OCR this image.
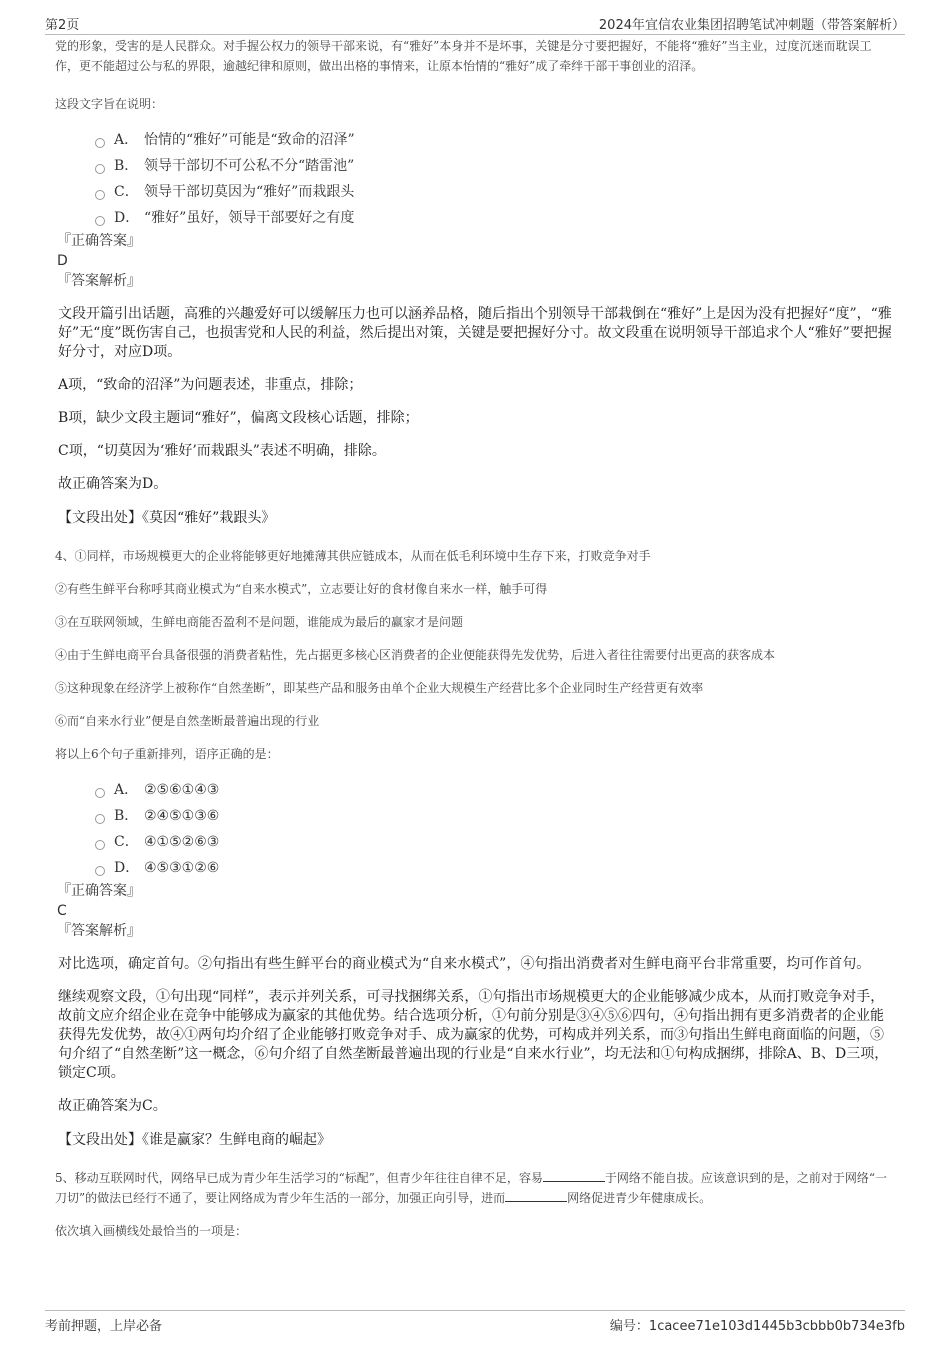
第2页	2024年宜信农业集团招聘笔试冲刺题（带答案解析）

党的形象，受害的是人民群众。对手握公权力的领导干部来说，有“雅好”本身并不是坏事，关键是分寸要把握好，不能将“雅好”当主业，过度沉迷而耽误工作，更不能超过公与私的界限，逾越纪律和原则，做出出格的事情来，让原本怡情的“雅好”成了牵绊干部干事创业的沼泽。

这段文字旨在说明：

A． 怡情的“雅好”可能是“致命的沼泽”
B． 领导干部切不可公私不分“踏雷池”
C． 领导干部切莫因为“雅好”而栽跟头
D． “雅好”虽好，领导干部要好之有度
『正确答案』
D
『答案解析』

文段开篇引出话题，高雅的兴趣爱好可以缓解压力也可以涵养品格，随后指出个别领导干部栽倒在“雅好”上是因为没有把握好“度”，“雅好”无“度”既伤害自己，也损害党和人民的利益，然后提出对策，关键是要把握好分寸。故文段重在说明领导干部追求个人“雅好”要把握好分寸，对应D项。

A项，“致命的沼泽”为问题表述，非重点，排除；

B项，缺少文段主题词“雅好”，偏离文段核心话题，排除；

C项，“切莫因为‘雅好’而栽跟头”表述不明确，排除。

故正确答案为D。

【文段出处】《莫因“雅好”栽跟头》

4、①同样，市场规模更大的企业将能够更好地摊薄其供应链成本，从而在低毛利环境中生存下来，打败竞争对手

②有些生鲜平台称呼其商业模式为“自来水模式”，立志要让好的食材像自来水一样，触手可得

③在互联网领域，生鲜电商能否盈利不是问题，谁能成为最后的赢家才是问题

④由于生鲜电商平台具备很强的消费者粘性，先占据更多核心区消费者的企业便能获得先发优势，后进入者往往需要付出更高的获客成本

⑤这种现象在经济学上被称作“自然垄断”，即某些产品和服务由单个企业大规模生产经营比多个企业同时生产经营更有效率

⑥而“自来水行业”便是自然垄断最普遍出现的行业

将以上6个句子重新排列，语序正确的是：

A． ②⑤⑥①④③
B． ②④⑤①③⑥
C． ④①⑤②⑥③
D． ④⑤③①②⑥
『正确答案』
C
『答案解析』

对比选项，确定首句。②句指出有些生鲜平台的商业模式为“自来水模式”，④句指出消费者对生鲜电商平台非常重要，均可作首句。

继续观察文段，①句出现“同样”，表示并列关系，可寻找捆绑关系，①句指出市场规模更大的企业能够减少成本，从而打败竞争对手，故前文应介绍企业在竞争中能够成为赢家的其他优势。结合选项分析，①句前分别是③④⑤⑥四句，④句指出拥有更多消费者的企业能获得先发优势，故④①两句均介绍了企业能够打败竞争对手、成为赢家的优势，可构成并列关系，而③句指出生鲜电商面临的问题，⑤句介绍了“自然垄断”这一概念，⑥句介绍了自然垄断最普遍出现的行业是“自来水行业”，均无法和①句构成捆绑，排除A、B、D三项，锁定C项。

故正确答案为C。

【文段出处】《谁是赢家？生鲜电商的崛起》

5、移动互联网时代，网络早已成为青少年生活学习的“标配”，但青少年往往自律不足，容易	于网络不能自拔。应该意识到的是，之前对于网络“一刀切”的做法已经行不通了，要让网络成为青少年生活的一部分，加强正向引导，进而	网络促进青少年健康成长。

依次填入画横线处最恰当的一项是：

考前押题，上岸必备	编号：1cacee71e103d1445b3cbbb0b734e3fb
